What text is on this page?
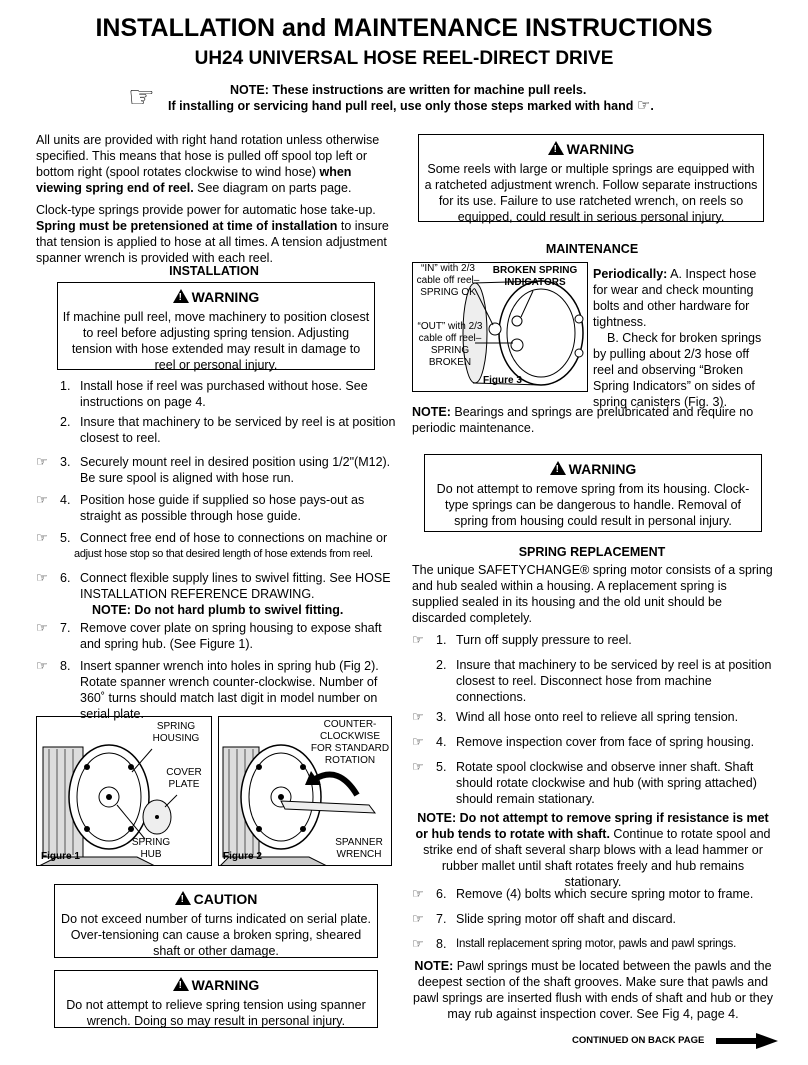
INSTALLATION and MAINTENANCE INSTRUCTIONS
UH24 UNIVERSAL HOSE REEL-DIRECT DRIVE
☞	NOTE: These instructions are written for machine pull reels.
If installing or servicing hand pull reel, use only those steps marked with hand ☞.
All units are provided with right hand rotation unless otherwise specified. This means that hose is pulled off spool top left or bottom right (spool rotates clockwise to wind hose) when viewing spring end of reel. See diagram on parts page.
Clock-type springs provide power for automatic hose take-up. Spring must be pretensioned at time of installation to insure that tension is applied to hose at all times. A tension adjustment spanner wrench is provided with each reel.
INSTALLATION
!WARNING
If machine pull reel, move machinery to position closest to reel before adjusting spring tension. Adjusting tension with hose extended may result in damage to reel or personal injury.
1. Install hose if reel was purchased without hose. See instructions on page 4.
2. Insure that machinery to be serviced by reel is at position closest to reel.
☞ 3. Securely mount reel in desired position using 1/2"(M12). Be sure spool is aligned with hose run.
☞ 4. Position hose guide if supplied so hose pays-out as straight as possible through hose guide.
☞ 5. Connect free end of hose to connections on machine or
adjust hose stop so that desired length of hose extends from reel.
☞ 6. Connect flexible supply lines to swivel fitting. See HOSE INSTALLATION REFERENCE DRAWING.
NOTE: Do not hard plumb to swivel fitting.
☞ 7. Remove cover plate on spring housing to expose shaft and spring hub. (See Figure 1).
☞ 8. Insert spanner wrench into holes in spring hub (Fig 2). Rotate spanner wrench counter-clockwise. Number of 360˚ turns should match last digit in model number on serial plate.
SPRING HOUSING
COVER PLATE
SPRING HUB
Figure 1
COUNTER-CLOCKWISE FOR STANDARD ROTATION
SPANNER WRENCH
Figure 2
!CAUTION
Do not exceed number of turns indicated on serial plate. Over-tensioning can cause a broken spring, sheared shaft or other damage.
!WARNING
Do not attempt to relieve spring tension using spanner wrench. Doing so may result in personal injury.
!WARNING
Some reels with large or multiple springs are equipped with a ratcheted adjustment wrench. Follow separate instructions for its use. Failure to use ratcheted wrench, on reels so equipped, could result in serious personal injury.
MAINTENANCE
“IN” with 2/3 cable off reel– SPRING OK
BROKEN SPRING INDICATORS
“OUT” with 2/3 cable off reel– SPRING BROKEN
Figure 3
Periodically: A. Inspect hose for wear and check mounting bolts and other hardware for tightness.
B. Check for broken springs by pulling about 2/3 hose off reel and observing “Broken Spring Indicators” on sides of spring canisters (Fig. 3).
NOTE: Bearings and springs are prelubricated and require no periodic maintenance.
!WARNING
Do not attempt to remove spring from its housing. Clock-type springs can be dangerous to handle. Removal of spring from housing could result in personal injury.
SPRING REPLACEMENT
The unique SAFETYCHANGE® spring motor consists of a spring and hub sealed within a housing. A replacement spring is supplied sealed in its housing and the old unit should be discarded completely.
☞ 1. Turn off supply pressure to reel.
2. Insure that machinery to be serviced by reel is at position closest to reel. Disconnect hose from machine connections.
☞ 3. Wind all hose onto reel to relieve all spring tension.
☞ 4. Remove inspection cover from face of spring housing.
☞ 5. Rotate spool clockwise and observe inner shaft. Shaft should rotate clockwise and hub (with spring attached) should remain stationary.
NOTE: Do not attempt to remove spring if resistance is met or hub tends to rotate with shaft. Continue to rotate spool and strike end of shaft several sharp blows with a lead hammer or rubber mallet until shaft rotates freely and hub remains stationary.
☞ 6. Remove (4) bolts which secure spring motor to frame.
☞ 7. Slide spring motor off shaft and discard.
☞ 8. Install replacement spring motor, pawls and pawl springs.
NOTE: Pawl springs must be located between the pawls and the deepest section of the shaft grooves. Make sure that pawls and pawl springs are inserted flush with ends of shaft and hub or they may rub against inspection cover. See Fig 4, page 4.
CONTINUED ON BACK PAGE
